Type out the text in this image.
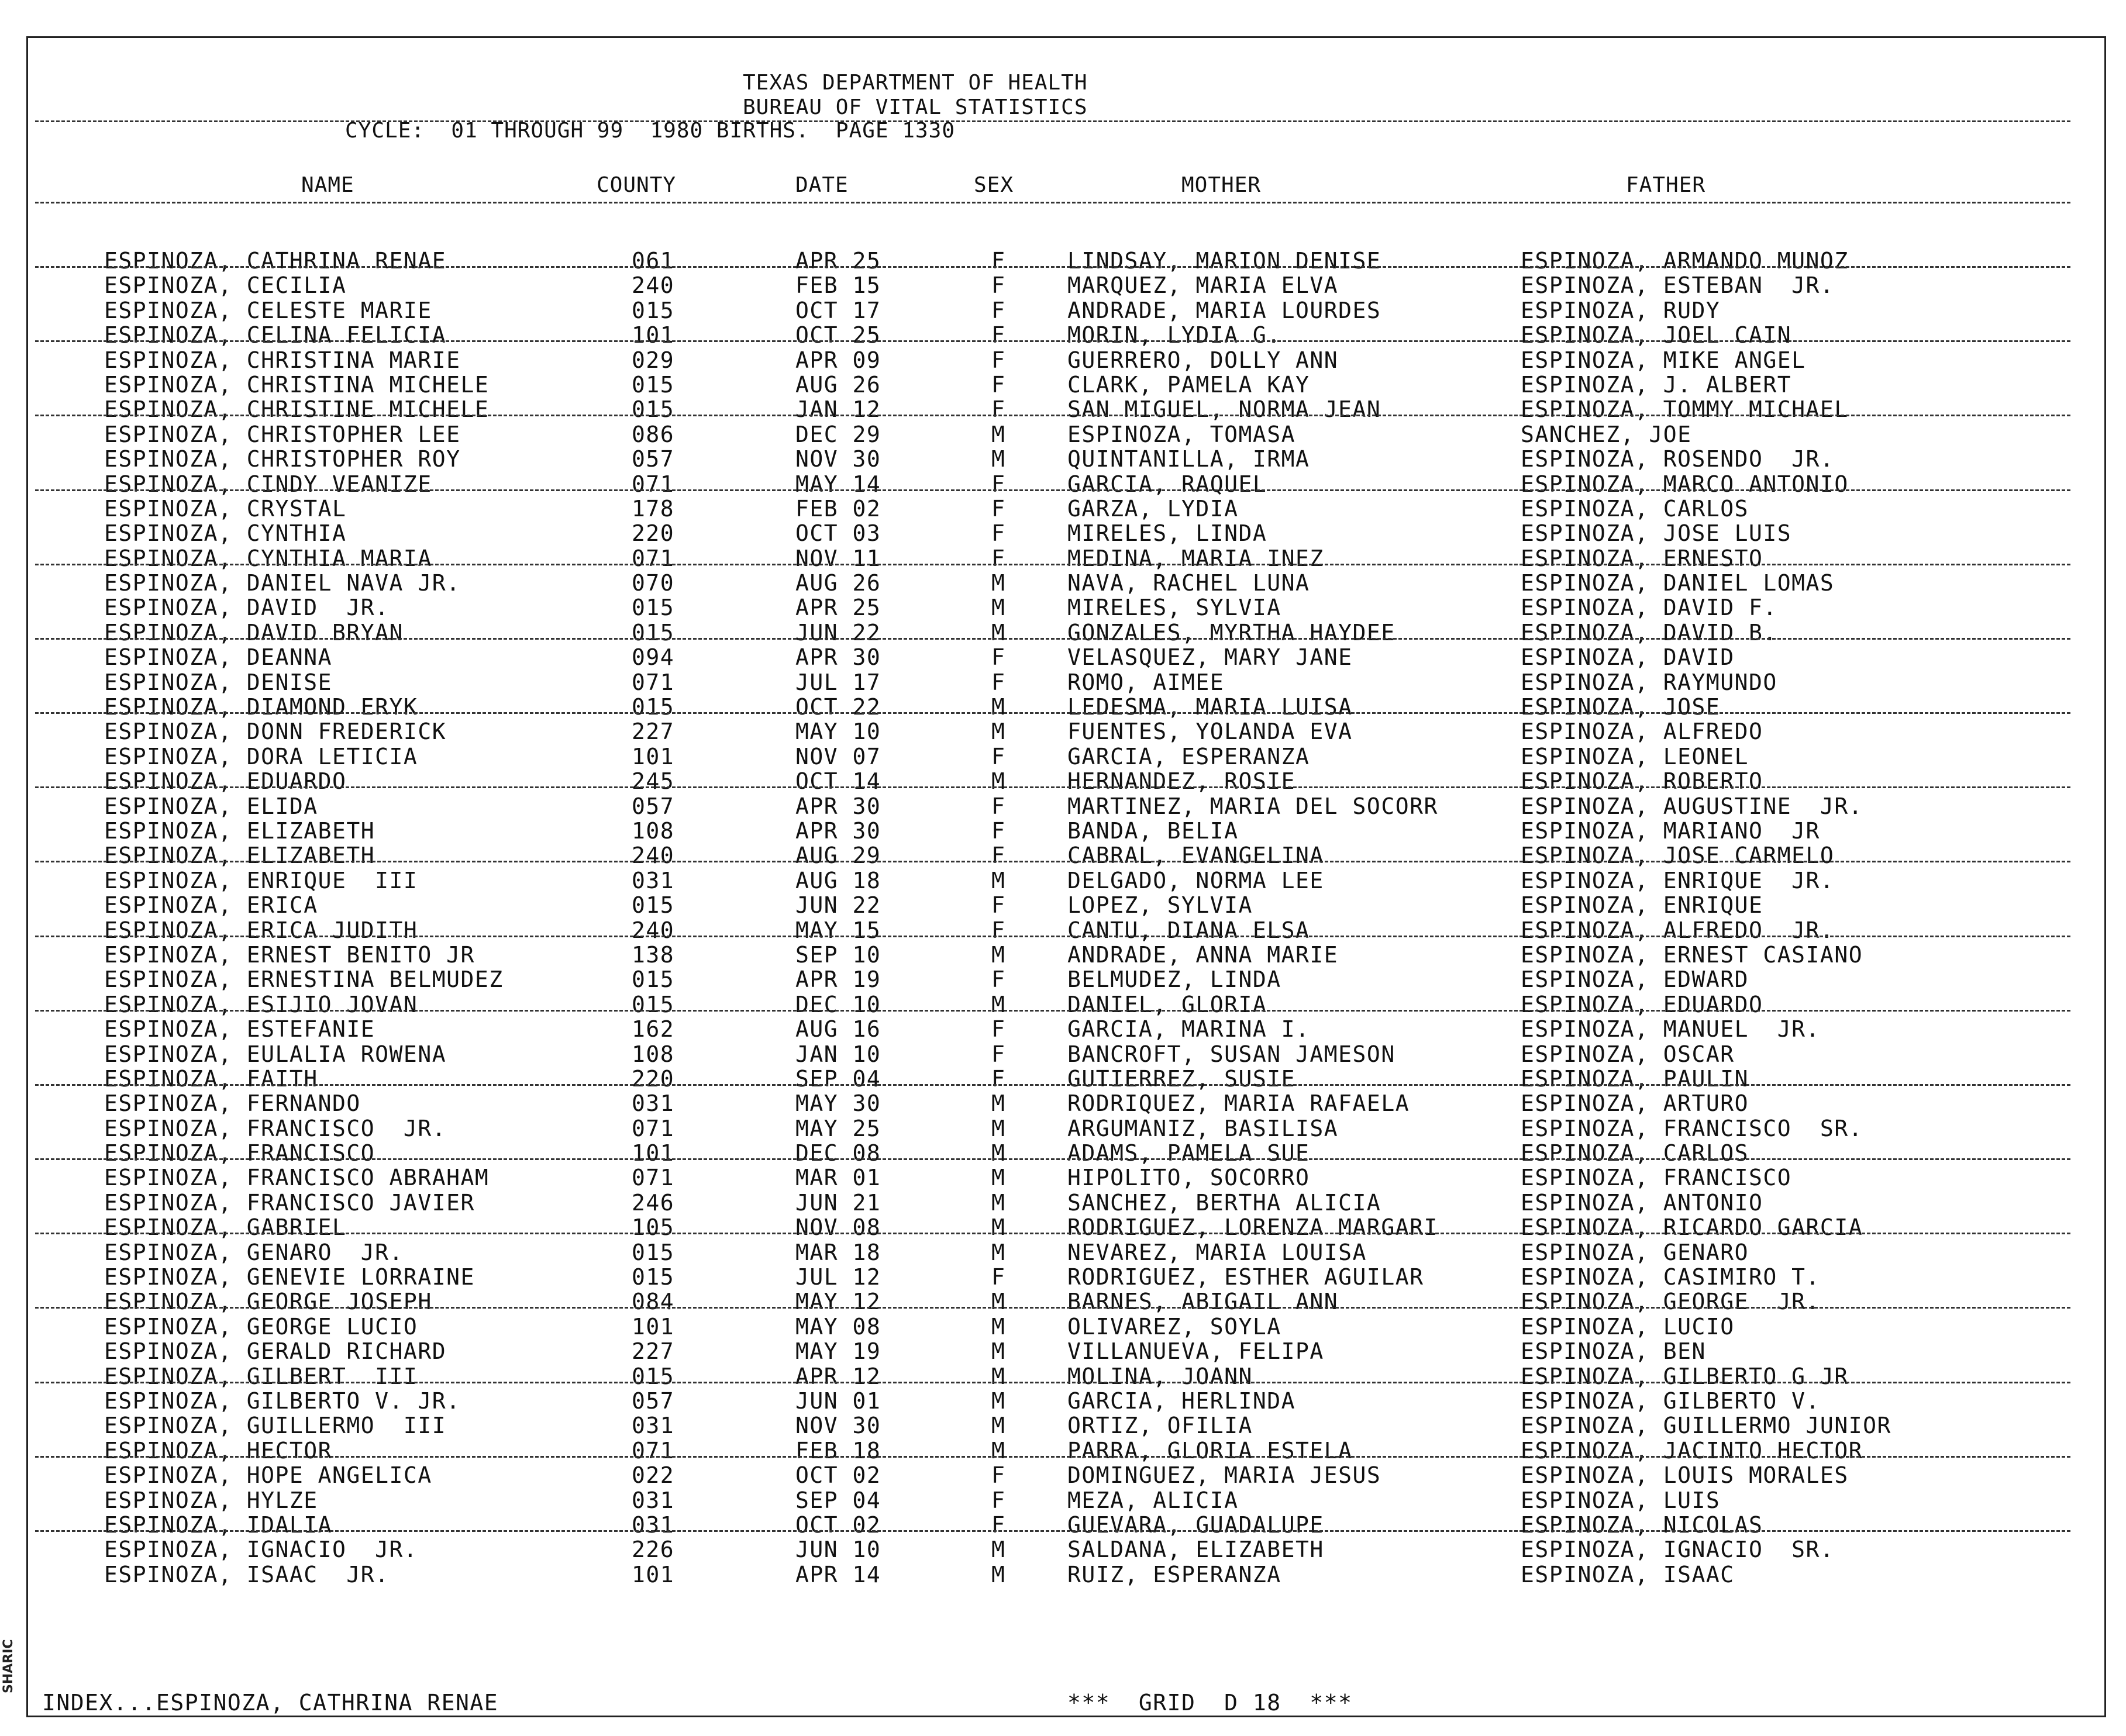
SHARIC
TEXAS DEPARTMENT OF HEALTH
BUREAU OF VITAL STATISTICS
CYCLE:  01 THROUGH 99  1980 BIRTHS.  PAGE 1330
NAME	COUNTY	DATE	SEX	MOTHER	FATHER
ESPINOZA, CATHRINA RENAE	061	APR 25	F	LINDSAY, MARION DENISE	ESPINOZA, ARMANDO MUNOZ
ESPINOZA, CECILIA	240	FEB 15	F	MARQUEZ, MARIA ELVA	ESPINOZA, ESTEBAN  JR.
ESPINOZA, CELESTE MARIE	015	OCT 17	F	ANDRADE, MARIA LOURDES	ESPINOZA, RUDY
ESPINOZA, CELINA FELICIA	101	OCT 25	F	MORIN, LYDIA G.	ESPINOZA, JOEL CAIN
ESPINOZA, CHRISTINA MARIE	029	APR 09	F	GUERRERO, DOLLY ANN	ESPINOZA, MIKE ANGEL
ESPINOZA, CHRISTINA MICHELE	015	AUG 26	F	CLARK, PAMELA KAY	ESPINOZA, J. ALBERT
ESPINOZA, CHRISTINE MICHELE	015	JAN 12	F	SAN MIGUEL, NORMA JEAN	ESPINOZA, TOMMY MICHAEL
ESPINOZA, CHRISTOPHER LEE	086	DEC 29	M	ESPINOZA, TOMASA	SANCHEZ, JOE
ESPINOZA, CHRISTOPHER ROY	057	NOV 30	M	QUINTANILLA, IRMA	ESPINOZA, ROSENDO  JR.
ESPINOZA, CINDY VEANIZE	071	MAY 14	F	GARCIA, RAQUEL	ESPINOZA, MARCO ANTONIO
ESPINOZA, CRYSTAL	178	FEB 02	F	GARZA, LYDIA	ESPINOZA, CARLOS
ESPINOZA, CYNTHIA	220	OCT 03	F	MIRELES, LINDA	ESPINOZA, JOSE LUIS
ESPINOZA, CYNTHIA MARIA	071	NOV 11	F	MEDINA, MARIA INEZ	ESPINOZA, ERNESTO
ESPINOZA, DANIEL NAVA JR.	070	AUG 26	M	NAVA, RACHEL LUNA	ESPINOZA, DANIEL LOMAS
ESPINOZA, DAVID  JR.	015	APR 25	M	MIRELES, SYLVIA	ESPINOZA, DAVID F.
ESPINOZA, DAVID BRYAN	015	JUN 22	M	GONZALES, MYRTHA HAYDEE	ESPINOZA, DAVID B.
ESPINOZA, DEANNA	094	APR 30	F	VELASQUEZ, MARY JANE	ESPINOZA, DAVID
ESPINOZA, DENISE	071	JUL 17	F	ROMO, AIMEE	ESPINOZA, RAYMUNDO
ESPINOZA, DIAMOND ERYK	015	OCT 22	M	LEDESMA, MARIA LUISA	ESPINOZA, JOSE
ESPINOZA, DONN FREDERICK	227	MAY 10	M	FUENTES, YOLANDA EVA	ESPINOZA, ALFREDO
ESPINOZA, DORA LETICIA	101	NOV 07	F	GARCIA, ESPERANZA	ESPINOZA, LEONEL
ESPINOZA, EDUARDO	245	OCT 14	M	HERNANDEZ, ROSIE	ESPINOZA, ROBERTO
ESPINOZA, ELIDA	057	APR 30	F	MARTINEZ, MARIA DEL SOCORR	ESPINOZA, AUGUSTINE  JR.
ESPINOZA, ELIZABETH	108	APR 30	F	BANDA, BELIA	ESPINOZA, MARIANO  JR
ESPINOZA, ELIZABETH	240	AUG 29	F	CABRAL, EVANGELINA	ESPINOZA, JOSE CARMELO
ESPINOZA, ENRIQUE  III	031	AUG 18	M	DELGADO, NORMA LEE	ESPINOZA, ENRIQUE  JR.
ESPINOZA, ERICA	015	JUN 22	F	LOPEZ, SYLVIA	ESPINOZA, ENRIQUE
ESPINOZA, ERICA JUDITH	240	MAY 15	F	CANTU, DIANA ELSA	ESPINOZA, ALFREDO  JR.
ESPINOZA, ERNEST BENITO JR	138	SEP 10	M	ANDRADE, ANNA MARIE	ESPINOZA, ERNEST CASIANO
ESPINOZA, ERNESTINA BELMUDEZ	015	APR 19	F	BELMUDEZ, LINDA	ESPINOZA, EDWARD
ESPINOZA, ESIJIO JOVAN	015	DEC 10	M	DANIEL, GLORIA	ESPINOZA, EDUARDO
ESPINOZA, ESTEFANIE	162	AUG 16	F	GARCIA, MARINA I.	ESPINOZA, MANUEL  JR.
ESPINOZA, EULALIA ROWENA	108	JAN 10	F	BANCROFT, SUSAN JAMESON	ESPINOZA, OSCAR
ESPINOZA, FAITH	220	SEP 04	F	GUTIERREZ, SUSIE	ESPINOZA, PAULIN
ESPINOZA, FERNANDO	031	MAY 30	M	RODRIQUEZ, MARIA RAFAELA	ESPINOZA, ARTURO
ESPINOZA, FRANCISCO  JR.	071	MAY 25	M	ARGUMANIZ, BASILISA	ESPINOZA, FRANCISCO  SR.
ESPINOZA, FRANCISCO	101	DEC 08	M	ADAMS, PAMELA SUE	ESPINOZA, CARLOS
ESPINOZA, FRANCISCO ABRAHAM	071	MAR 01	M	HIPOLITO, SOCORRO	ESPINOZA, FRANCISCO
ESPINOZA, FRANCISCO JAVIER	246	JUN 21	M	SANCHEZ, BERTHA ALICIA	ESPINOZA, ANTONIO
ESPINOZA, GABRIEL	105	NOV 08	M	RODRIGUEZ, LORENZA MARGARI	ESPINOZA, RICARDO GARCIA
ESPINOZA, GENARO  JR.	015	MAR 18	M	NEVAREZ, MARIA LOUISA	ESPINOZA, GENARO
ESPINOZA, GENEVIE LORRAINE	015	JUL 12	F	RODRIGUEZ, ESTHER AGUILAR	ESPINOZA, CASIMIRO T.
ESPINOZA, GEORGE JOSEPH	084	MAY 12	M	BARNES, ABIGAIL ANN	ESPINOZA, GEORGE  JR.
ESPINOZA, GEORGE LUCIO	101	MAY 08	M	OLIVAREZ, SOYLA	ESPINOZA, LUCIO
ESPINOZA, GERALD RICHARD	227	MAY 19	M	VILLANUEVA, FELIPA	ESPINOZA, BEN
ESPINOZA, GILBERT  III	015	APR 12	M	MOLINA, JOANN	ESPINOZA, GILBERTO G JR
ESPINOZA, GILBERTO V. JR.	057	JUN 01	M	GARCIA, HERLINDA	ESPINOZA, GILBERTO V.
ESPINOZA, GUILLERMO  III	031	NOV 30	M	ORTIZ, OFILIA	ESPINOZA, GUILLERMO JUNIOR
ESPINOZA, HECTOR	071	FEB 18	M	PARRA, GLORIA ESTELA	ESPINOZA, JACINTO HECTOR
ESPINOZA, HOPE ANGELICA	022	OCT 02	F	DOMINGUEZ, MARIA JESUS	ESPINOZA, LOUIS MORALES
ESPINOZA, HYLZE	031	SEP 04	F	MEZA, ALICIA	ESPINOZA, LUIS
ESPINOZA, IDALIA	031	OCT 02	F	GUEVARA, GUADALUPE	ESPINOZA, NICOLAS
ESPINOZA, IGNACIO  JR.	226	JUN 10	M	SALDANA, ELIZABETH	ESPINOZA, IGNACIO  SR.
ESPINOZA, ISAAC  JR.	101	APR 14	M	RUIZ, ESPERANZA	ESPINOZA, ISAAC
INDEX...ESPINOZA, CATHRINA RENAE	***  GRID  D 18  ***
